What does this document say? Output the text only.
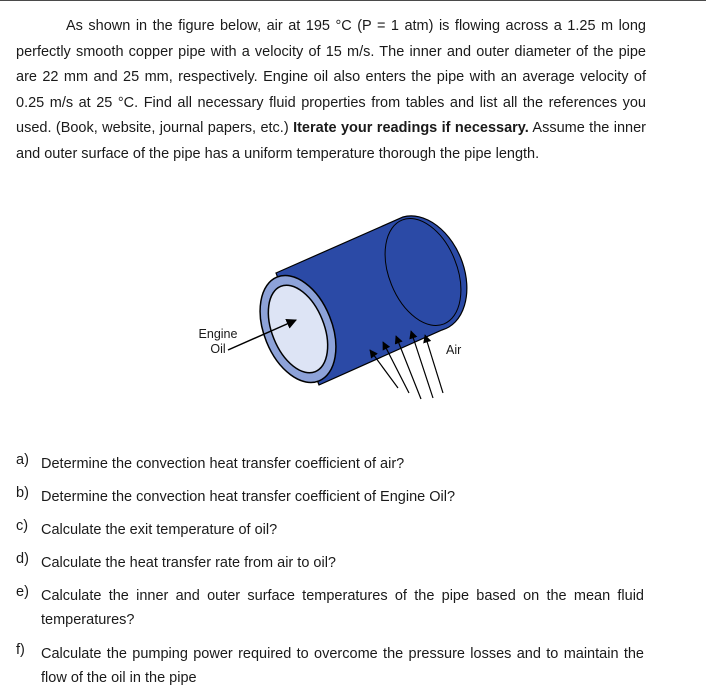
As shown in the figure below, air at 195 °C (P = 1 atm) is flowing across a 1.25 m long perfectly smooth copper pipe with a velocity of 15 m/s. The inner and outer diameter of the pipe are 22 mm and 25 mm, respectively. Engine oil also enters the pipe with an average velocity of 0.25 m/s at 25 °C. Find all necessary fluid properties from tables and list all the references you used. (Book, website, journal papers, etc.) Iterate your readings if necessary. Assume the inner and outer surface of the pipe has a uniform temperature thorough the pipe length.

Engine
Oil	Air
a) Determine the convection heat transfer coefficient of air?
b) Determine the convection heat transfer coefficient of Engine Oil?
c) Calculate the exit temperature of oil?
d) Calculate the heat transfer rate from air to oil?
e) Calculate the inner and outer surface temperatures of the pipe based on the mean fluid temperatures?
f) Calculate the pumping power required to overcome the pressure losses and to maintain the flow of the oil in the pipe
